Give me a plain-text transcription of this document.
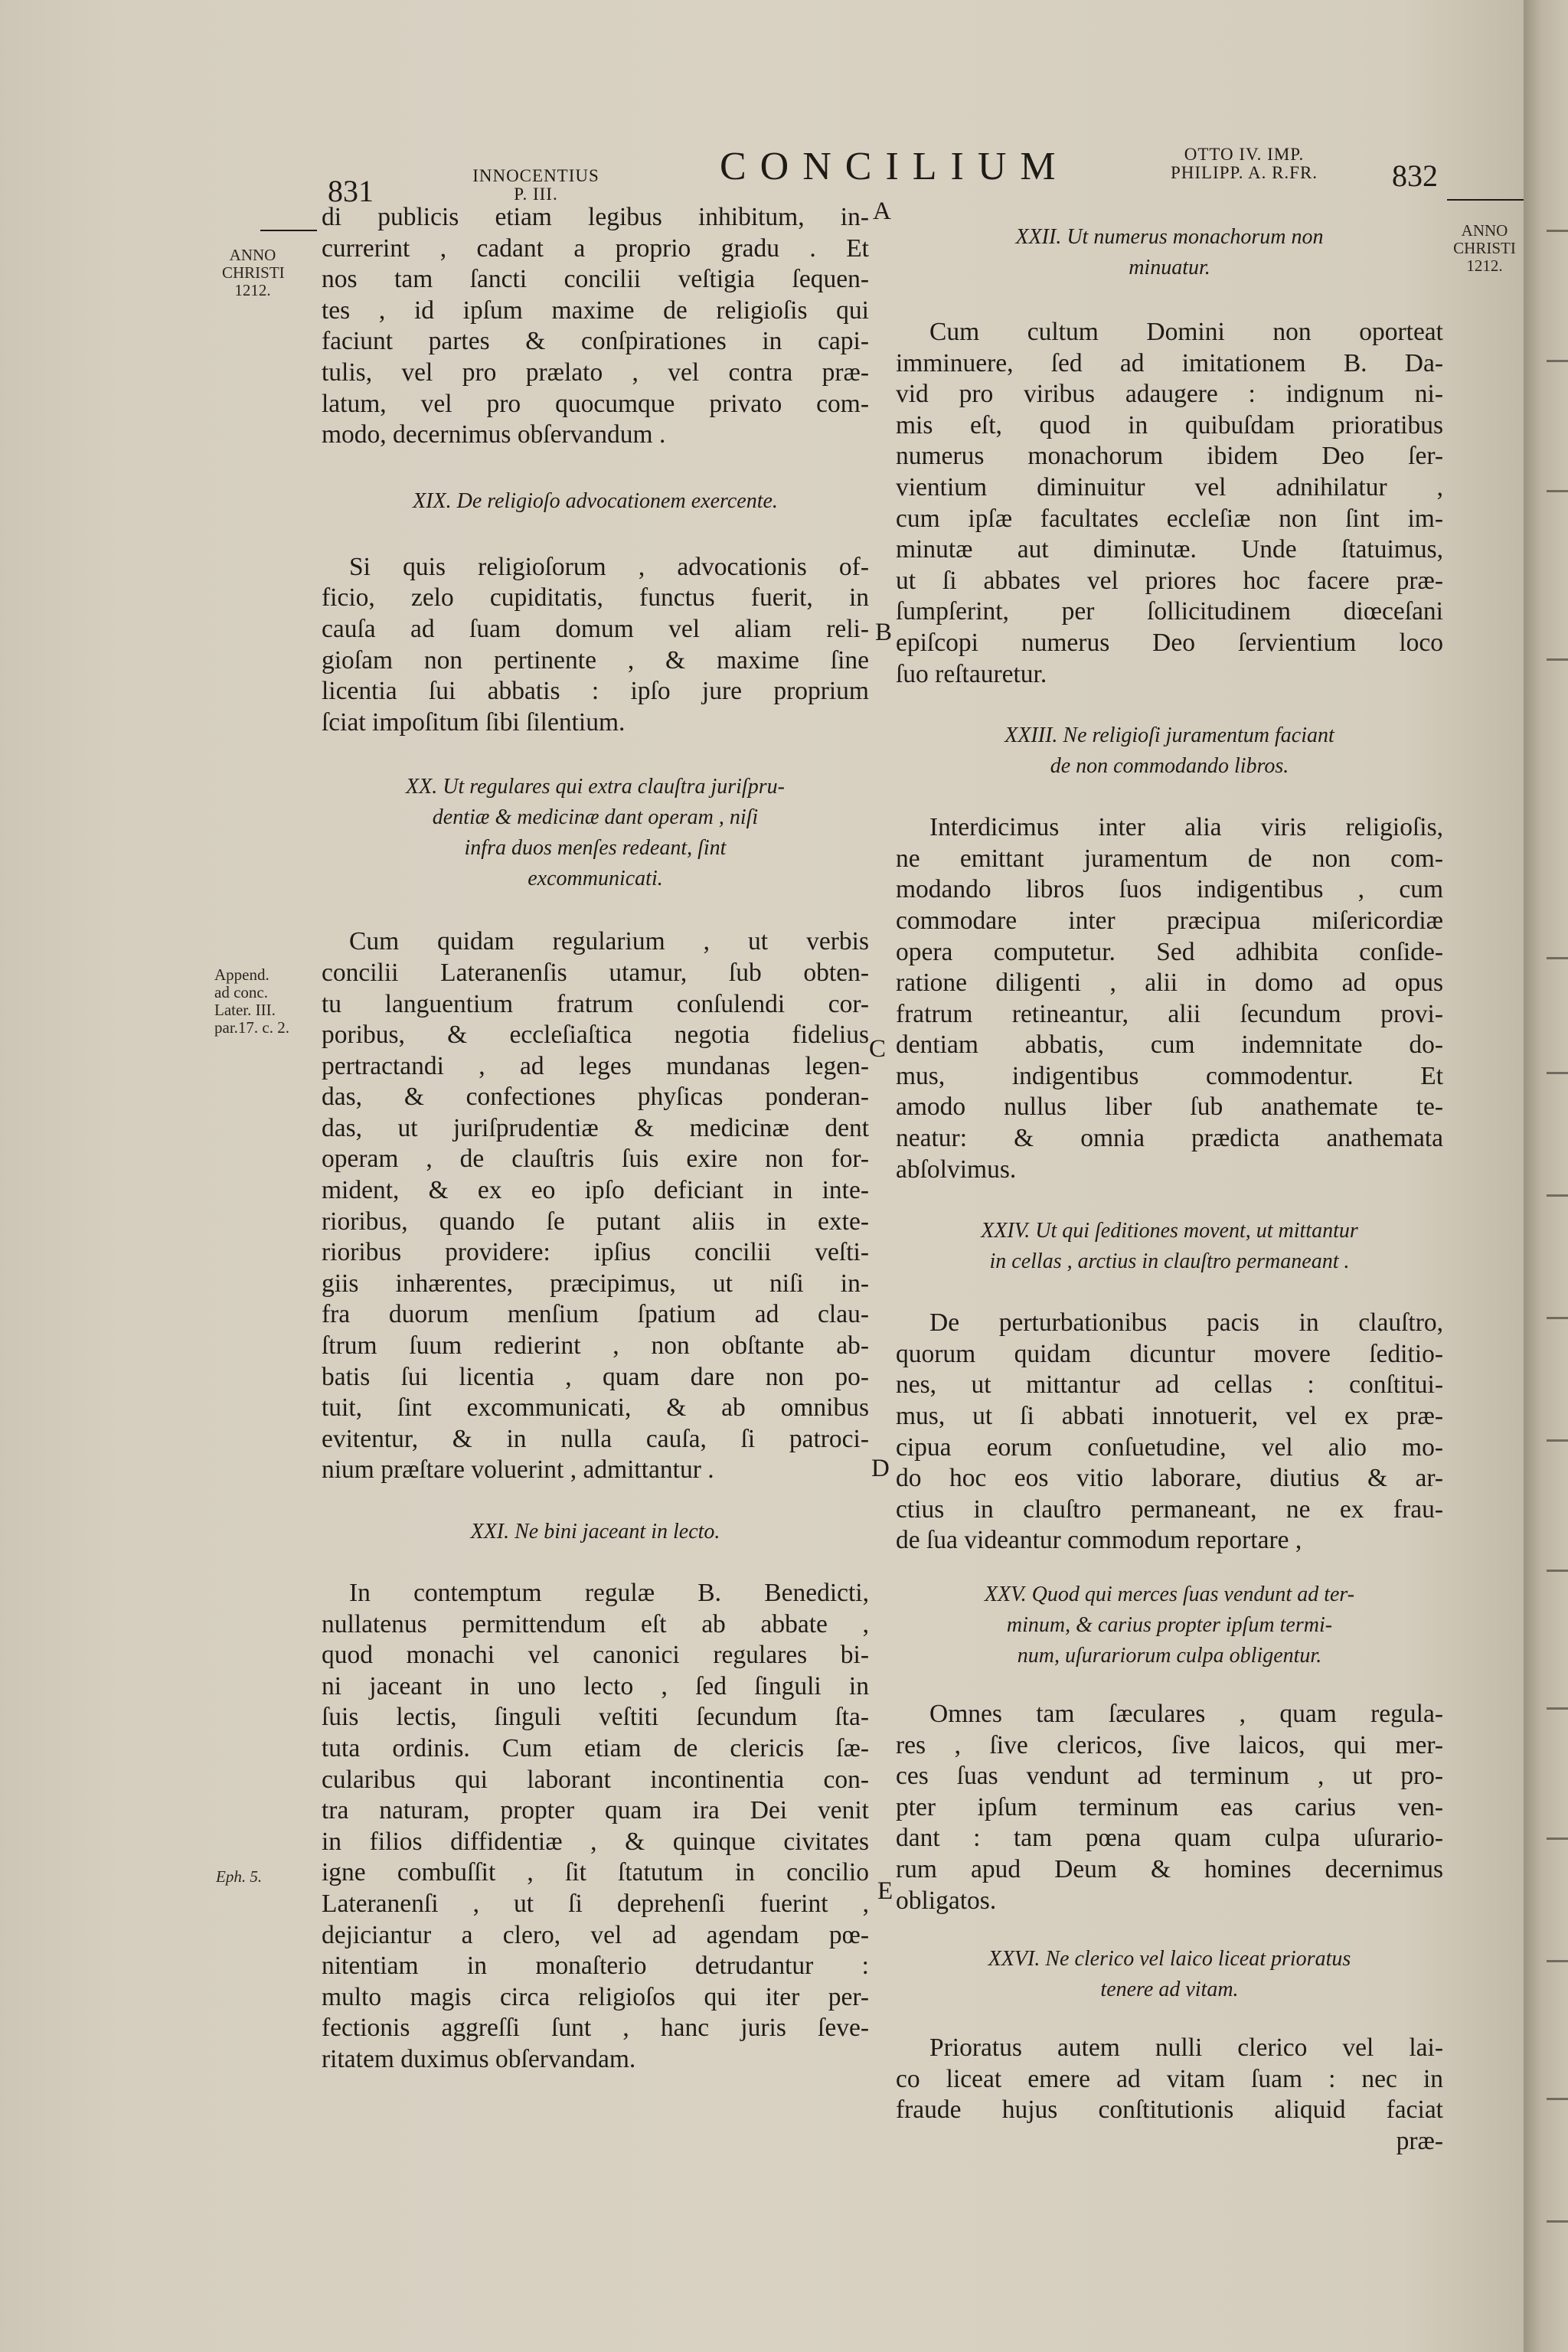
831	INNOCENTIUS
P. III.
CONCILIUM	OTTO IV. IMP.
PHILIPP. A. R.FR.	832
ANNO
CHRISTI
1212.
Append.
ad conc.
Later. III.
par.17. c. 2.
Eph. 5.
ANNO
CHRISTI
1212.
A
B
C
D
E
di publicis etiam legibus inhibitum, in-
currerint , cadant a proprio gradu . Et
nos tam ſancti concilii veſtigia ſequen-
tes , id ipſum maxime de religioſis qui
faciunt partes & conſpirationes in capi-
tulis, vel pro prælato , vel contra præ-
latum, vel pro quocumque privato com-
modo, decernimus obſervandum .

XIX. De religioſo advocationem exercente.

Si quis religioſorum , advocationis of-
ficio, zelo cupiditatis, functus fuerit, in
cauſa ad ſuam domum vel aliam reli-
gioſam non pertinente , & maxime ſine
licentia ſui abbatis : ipſo jure proprium
ſciat impoſitum ſibi ſilentium.

XX. Ut regulares qui extra clauſtra juriſpru-

dentiæ & medicinæ dant operam , niſi

infra duos menſes redeant, ſint

excommunicati.

Cum quidam regularium , ut verbis
concilii Lateranenſis utamur, ſub obten-
tu languentium fratrum conſulendi cor-
poribus, & eccleſiaſtica negotia fidelius
pertractandi , ad leges mundanas legen-
das, & confectiones phyſicas ponderan-
das, ut juriſprudentiæ & medicinæ dent
operam , de clauſtris ſuis exire non for-
mident, & ex eo ipſo deficiant in inte-
rioribus, quando ſe putant aliis in exte-
rioribus providere: ipſius concilii veſti-
giis inhærentes, præcipimus, ut niſi in-
fra duorum menſium ſpatium ad clau-
ſtrum ſuum redierint , non obſtante ab-
batis ſui licentia , quam dare non po-
tuit, ſint excommunicati, & ab omnibus
evitentur, & in nulla cauſa, ſi patroci-
nium præſtare voluerint , admittantur .

XXI. Ne bini jaceant in lecto.

In contemptum regulæ B. Benedicti,
nullatenus permittendum eſt ab abbate ,
quod monachi vel canonici regulares bi-
ni jaceant in uno lecto , ſed ſinguli in
ſuis lectis, ſinguli veſtiti ſecundum ſta-
tuta ordinis. Cum etiam de clericis ſæ-
cularibus qui laborant incontinentia con-
tra naturam, propter quam ira Dei venit
in filios diffidentiæ , & quinque civitates
igne combuſſit , ſit ſtatutum in concilio
Lateranenſi , ut ſi deprehenſi fuerint ,
dejiciantur a clero, vel ad agendam pœ-
nitentiam in monaſterio detrudantur :
multo magis circa religioſos qui iter per-
fectionis aggreſſi ſunt , hanc juris ſeve-
ritatem duximus obſervandam.

XXII. Ut numerus monachorum non

minuatur.

Cum cultum Domini non oporteat
imminuere, ſed ad imitationem B. Da-
vid pro viribus adaugere : indignum ni-
mis eſt, quod in quibuſdam prioratibus
numerus monachorum ibidem Deo ſer-
vientium diminuitur vel adnihilatur ,
cum ipſæ facultates eccleſiæ non ſint im-
minutæ aut diminutæ. Unde ſtatuimus,
ut ſi abbates vel priores hoc facere præ-
ſumpſerint, per ſollicitudinem diœceſani
epiſcopi numerus Deo ſervientium loco
ſuo reſtauretur.

XXIII. Ne religioſi juramentum faciant

de non commodando libros.

Interdicimus inter alia viris religioſis,
ne emittant juramentum de non com-
modando libros ſuos indigentibus , cum
commodare inter præcipua miſericordiæ
opera computetur. Sed adhibita conſide-
ratione diligenti , alii in domo ad opus
fratrum retineantur, alii ſecundum provi-
dentiam abbatis, cum indemnitate do-
mus, indigentibus commodentur. Et
amodo nullus liber ſub anathemate te-
neatur: & omnia prædicta anathemata
abſolvimus.

XXIV. Ut qui ſeditiones movent, ut mittantur

in cellas , arctius in clauſtro permaneant .

De perturbationibus pacis in clauſtro,
quorum quidam dicuntur movere ſeditio-
nes, ut mittantur ad cellas : conſtitui-
mus, ut ſi abbati innotuerit, vel ex præ-
cipua eorum conſuetudine, vel alio mo-
do hoc eos vitio laborare, diutius & ar-
ctius in clauſtro permaneant, ne ex frau-
de ſua videantur commodum reportare ,

XXV. Quod qui merces ſuas vendunt ad ter-

minum, & carius propter ipſum termi-

num, uſurariorum culpa obligentur.

Omnes tam ſæculares , quam regula-
res , ſive clericos, ſive laicos, qui mer-
ces ſuas vendunt ad terminum , ut pro-
pter ipſum terminum eas carius ven-
dant : tam pœna quam culpa uſurario-
rum apud Deum & homines decernimus
obligatos.

XXVI. Ne clerico vel laico liceat prioratus

tenere ad vitam.

Prioratus autem nulli clerico vel lai-
co liceat emere ad vitam ſuam : nec in
fraude hujus conſtitutionis aliquid faciat
præ-
